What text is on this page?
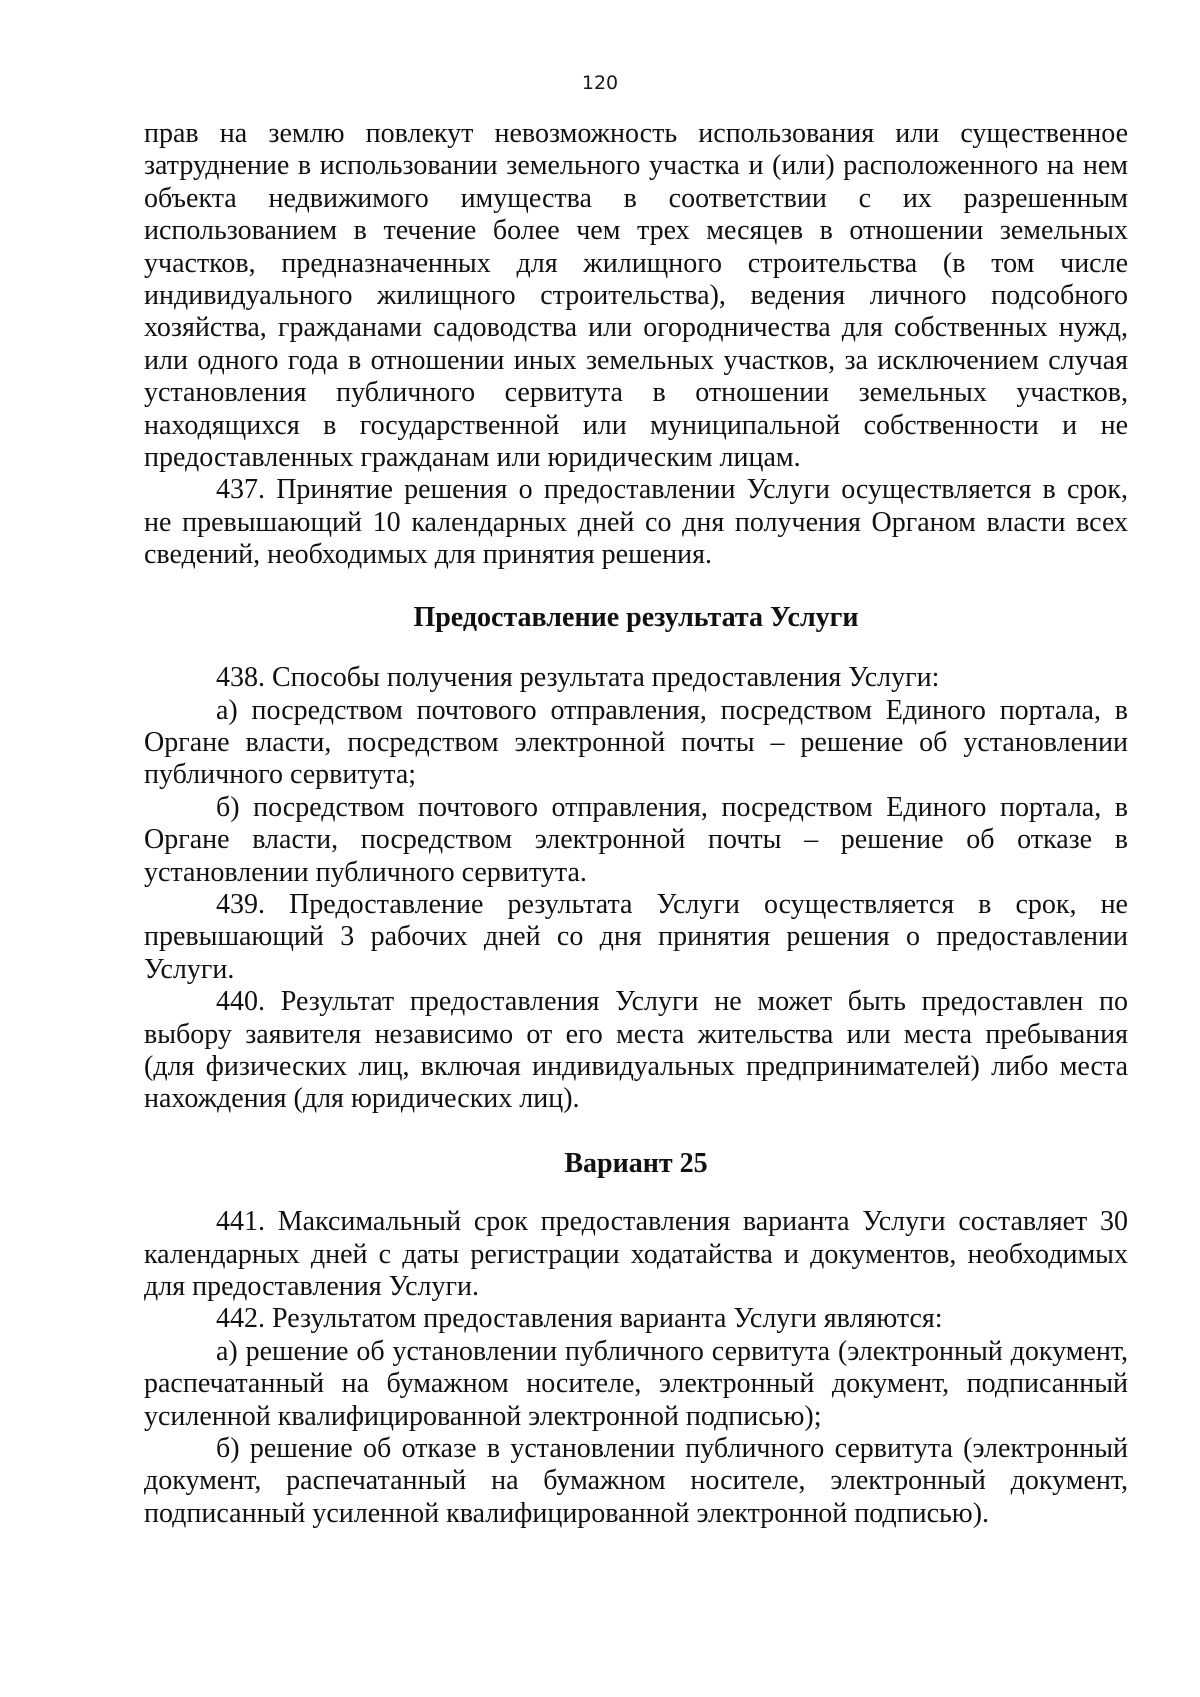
120

прав на землю повлекут невозможность использования или существенное затруднение в использовании земельного участка и (или) расположенного на нем объекта недвижимого имущества в соответствии с их разрешенным использованием в течение более чем трех месяцев в отношении земельных участков, предназначенных для жилищного строительства (в том числе индивидуального жилищного строительства), ведения личного подсобного хозяйства, гражданами садоводства или огородничества для собственных нужд, или одного года в отношении иных земельных участков, за исключением случая установления публичного сервитута в отношении земельных участков, находящихся в государственной или муниципальной собственности и не предоставленных гражданам или юридическим лицам.

437. Принятие решения о предоставлении Услуги осуществляется в срок, не превышающий 10 календарных дней со дня получения Органом власти всех сведений, необходимых для принятия решения.

Предоставление результата Услуги

438. Способы получения результата предоставления Услуги:

а) посредством почтового отправления, посредством Единого портала, в Органе власти, посредством электронной почты – решение об установлении публичного сервитута;

б) посредством почтового отправления, посредством Единого портала, в Органе власти, посредством электронной почты – решение об отказе в установлении публичного сервитута.

439. Предоставление результата Услуги осуществляется в срок, не превышающий 3 рабочих дней со дня принятия решения о предоставлении Услуги.

440. Результат предоставления Услуги не может быть предоставлен по выбору заявителя независимо от его места жительства или места пребывания (для физических лиц, включая индивидуальных предпринимателей) либо места нахождения (для юридических лиц).

Вариант 25

441. Максимальный срок предоставления варианта Услуги составляет 30 календарных дней с даты регистрации ходатайства и документов, необходимых для предоставления Услуги.

442. Результатом предоставления варианта Услуги являются:

а) решение об установлении публичного сервитута (электронный документ, распечатанный на бумажном носителе, электронный документ, подписанный усиленной квалифицированной электронной подписью);

б) решение об отказе в установлении публичного сервитута (электронный документ, распечатанный на бумажном носителе, электронный документ, подписанный усиленной квалифицированной электронной подписью).
